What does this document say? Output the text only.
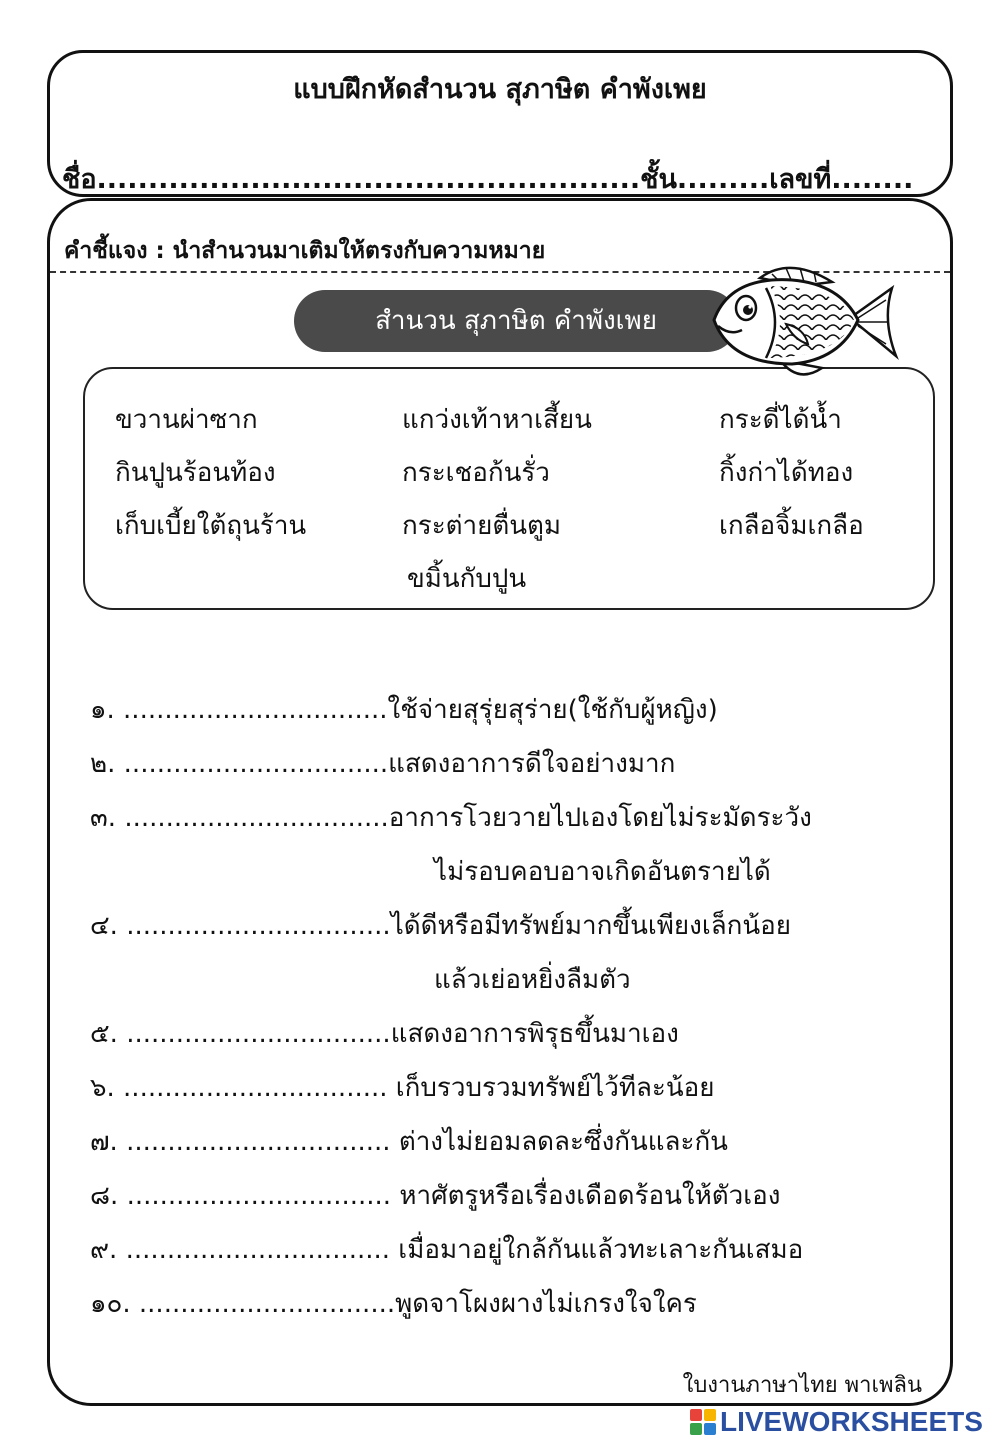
แบบฝึกหัดสำนวน สุภาษิต คำพังเพย
ชื่อ.....................................................ชั้น.........เลขที่........
คำชี้แจง : นำสำนวนมาเติมให้ตรงกับความหมาย
สำนวน สุภาษิต คำพังเพย
ขวานผ่าซาก	แกว่งเท้าหาเสี้ยน	กระดี่ได้น้ำ
กินปูนร้อนท้อง	กระเชอก้นรั่ว	กิ้งก่าได้ทอง
เก็บเบี้ยใต้ถุนร้าน	กระต่ายตื่นตูม	เกลือจิ้มเกลือ
ขมิ้นกับปูน
๑. ................................ใช้จ่ายสุรุ่ยสุร่าย(ใช้กับผู้หญิง)
๒. ................................แสดงอาการดีใจอย่างมาก
๓. ................................อาการโวยวายไปเองโดยไม่ระมัดระวัง
ไม่รอบคอบอาจเกิดอันตรายได้
๔. ................................ได้ดีหรือมีทรัพย์มากขึ้นเพียงเล็กน้อย
แล้วเย่อหยิ่งลืมตัว
๕. ................................แสดงอาการพิรุธขึ้นมาเอง
๖. ................................ เก็บรวบรวมทรัพย์ไว้ทีละน้อย
๗. ................................ ต่างไม่ยอมลดละซึ่งกันและกัน
๘. ................................ หาศัตรูหรือเรื่องเดือดร้อนให้ตัวเอง
๙. ................................ เมื่อมาอยู่ใกล้กันแล้วทะเลาะกันเสมอ
๑๐. ...............................พูดจาโผงผางไม่เกรงใจใคร
ใบงานภาษาไทย พาเพลิน
LIVEWORKSHEETS
